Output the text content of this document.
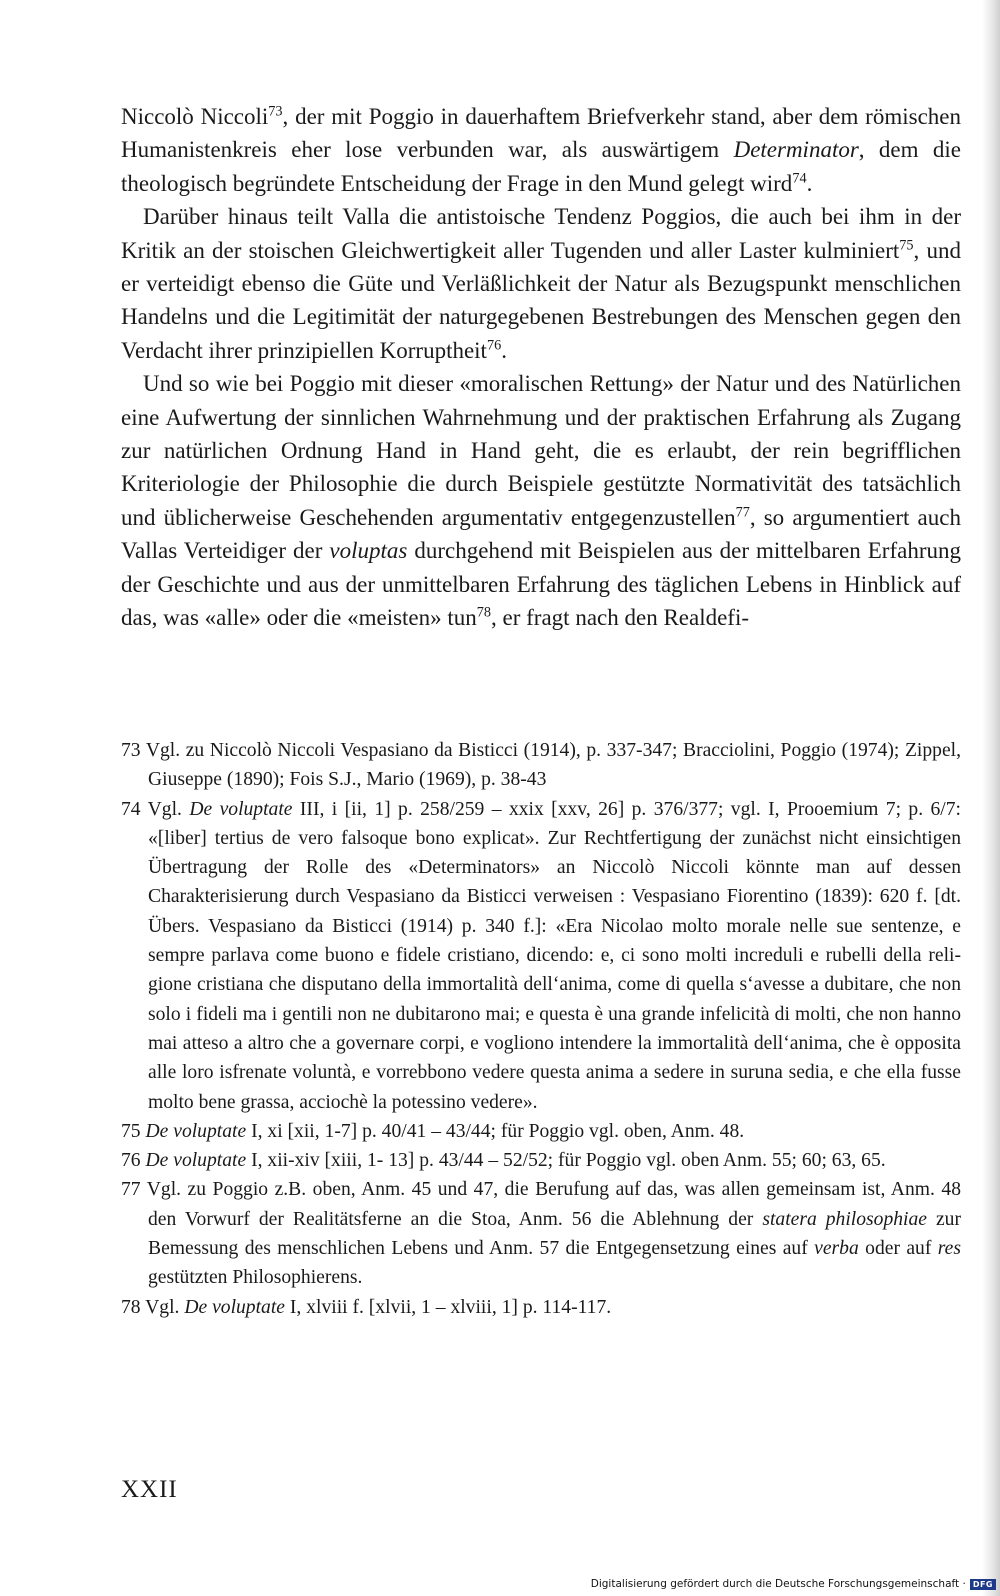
Niccolò Niccoli$^{73}$, der mit Poggio in dauerhaftem Briefverkehr stand, aber dem römischen Humanistenkreis eher lose verbunden war, als auswärtigem Determinator, dem die theologisch begründete Entscheidung der Frage in den Mund gelegt wird$^{74}$.

Darüber hinaus teilt Valla die antistoische Tendenz Poggios, die auch bei ihm in der Kritik an der stoischen Gleichwertigkeit aller Tugenden und aller Laster kulminiert$^{75}$, und er verteidigt ebenso die Güte und Verläßlichkeit der Natur als Bezugspunkt menschlichen Handelns und die Legitimität der naturgegebenen Bestrebungen des Menschen gegen den Verdacht ihrer prinzipiellen Korruptheit$^{76}$.

Und so wie bei Poggio mit dieser «moralischen Rettung» der Natur und des Natürlichen eine Aufwertung der sinnlichen Wahrnehmung und der praktischen Erfahrung als Zugang zur natürlichen Ordnung Hand in Hand geht, die es erlaubt, der rein begrifflichen Kriteriologie der Philosophie die durch Beispiele gestützte Normativität des tatsächlich und üblicherweise Geschehenden argumentativ entgegenzustellen$^{77}$, so argumentiert auch Vallas Verteidiger der voluptas durchgehend mit Beispielen aus der mittelbaren Erfahrung der Geschichte und aus der unmittelbaren Erfahrung des täglichen Lebens in Hinblick auf das, was «alle» oder die «meisten» tun$^{78}$, er fragt nach den Realdefi-

73 Vgl. zu Niccolò Niccoli Vespasiano da Bisticci (1914), p. 337-347; Bracciolini, Poggio (1974); Zippel, Giuseppe (1890); Fois S.J., Mario (1969), p. 38-43

74 Vgl. De voluptate III, i [ii, 1] p. 258/259 – xxix [xxv, 26] p. 376/377; vgl. I, Prooemium 7; p. 6/7: «[liber] tertius de vero falsoque bono explicat». Zur Rechtfertigung der zunächst nicht einsichtigen Übertragung der Rolle des «Determinators» an Niccolò Niccoli könnte man auf dessen Charakterisierung durch Vespasiano da Bisticci verweisen : Vespasiano Fiorentino (1839): 620 f. [dt. Übers. Vespasiano da Bisticci (1914) p. 340 f.]: «Era Nicolao molto morale nelle sue sentenze, e sempre parlava come buono e fidele cristiano, dicendo: e, ci sono molti increduli e rubelli della religione cristiana che disputano della immortalità dell‘anima, come di quella s‘avesse a dubitare, che non solo i fideli ma i gentili non ne dubitarono mai; e questa è una grande infelicità di molti, che non hanno mai atteso a altro che a governare corpi, e vogliono intendere la immortalità dell‘anima, che è opposita alle loro isfrenate voluntà, e vorrebbono vedere questa anima a sedere in suruna sedia, e che ella fusse molto bene grassa, acciochè la potessino vedere».

75 De voluptate I, xi [xii, 1-7] p. 40/41 – 43/44; für Poggio vgl. oben, Anm. 48.

76 De voluptate I, xii-xiv [xiii, 1- 13] p. 43/44 – 52/52; für Poggio vgl. oben Anm. 55; 60; 63, 65.

77 Vgl. zu Poggio z.B. oben, Anm. 45 und 47, die Berufung auf das, was allen gemeinsam ist, Anm. 48 den Vorwurf der Realitätsferne an die Stoa, Anm. 56 die Ablehnung der statera philosophiae zur Bemessung des menschlichen Lebens und Anm. 57 die Entgegensetzung eines auf verba oder auf res gestützten Philosophierens.

78 Vgl. De voluptate I, xlviii f. [xlvii, 1 – xlviii, 1] p. 114-117.

XXII
Digitalisierung gefördert durch die Deutsche Forschungsgemeinschaft · DFG
